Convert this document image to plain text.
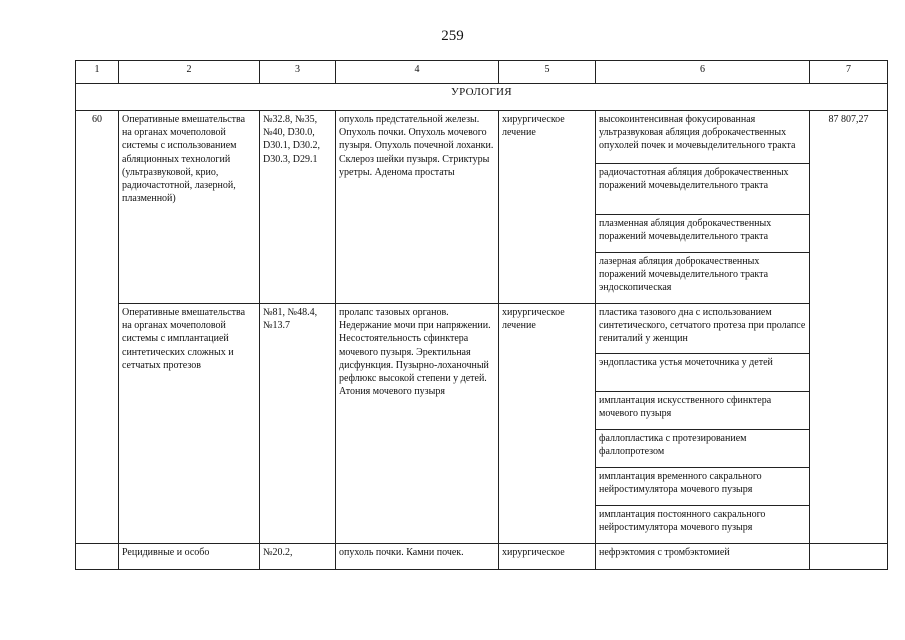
259
1	2	3	4	5	6	7
УРОЛОГИЯ						
60	Оперативные вмешательства на органах мочеполовой системы с использованием абляционных технологий (ультразвуковой, крио, радиочастотной, лазерной, плазменной)	№32.8, №35, №40, D30.0, D30.1, D30.2, D30.3, D29.1	опухоль предстательной железы. Опухоль почки. Опухоль мочевого пузыря. Опухоль почечной лоханки. Склероз шейки пузыря. Стриктуры уретры. Аденома простаты	хирургическое лечение	высокоинтенсивная фокусированная ультразвуковая абляция доброкачественных опухолей почек и мочевыделительного тракта	87 807,27
					радиочастотная абляция доброкачественных поражений мочевыделительного тракта	
					плазменная абляция доброкачественных поражений мочевыделительного тракта	
					лазерная абляция доброкачественных поражений мочевыделительного тракта эндоскопическая	
	Оперативные вмешательства на органах мочеполовой системы с имплантацией синтетических сложных и сетчатых протезов	№81, №48.4, №13.7	пролапс тазовых органов. Недержание мочи при напряжении. Несостоятельность сфинктера мочевого пузыря. Эректильная дисфункция. Пузырно-лоханочный рефлюкс высокой степени у детей. Атония мочевого пузыря	хирургическое лечение	пластика тазового дна с использованием синтетического, сетчатого протеза при пролапсе гениталий у женщин	
					эндопластика устья мочеточника у детей	
					имплантация искусственного сфинктера мочевого пузыря	
					фаллопластика с протезированием фаллопротезом	
					имплантация временного сакрального нейростимулятора мочевого пузыря	
					имплантация постоянного сакрального нейростимулятора мочевого пузыря	
	Рецидивные и особо	№20.2,	опухоль почки. Камни почек.	хирургическое	нефрэктомия с тромбэктомией	
